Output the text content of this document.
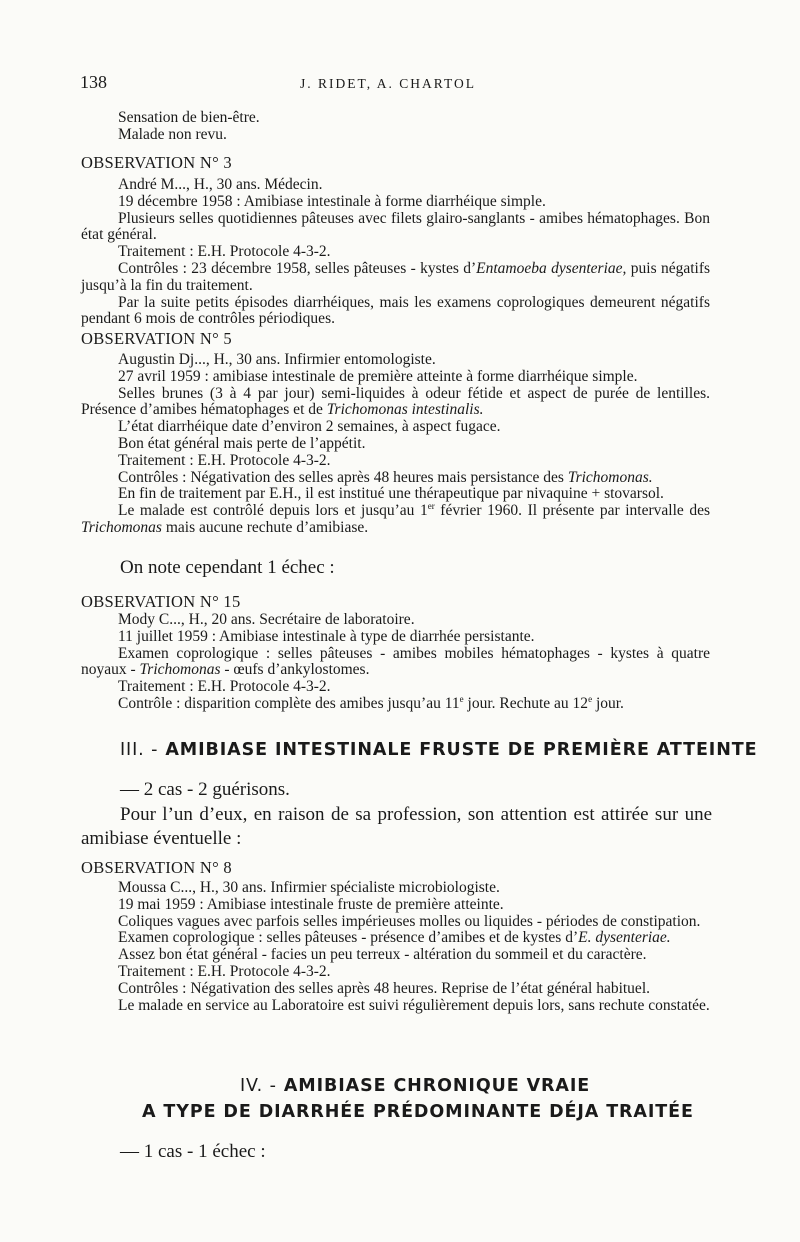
138	J. RIDET, A. CHARTOL

Sensation de bien-être.

Malade non revu.

OBSERVATION N° 3

André M..., H., 30 ans. Médecin.

19 décembre 1958 : Amibiase intestinale à forme diarrhéique simple.

Plusieurs selles quotidiennes pâteuses avec filets glairo-sanglants - amibes hématophages. Bon état général.

Traitement : E.H. Protocole 4-3-2.

Contrôles : 23 décembre 1958, selles pâteuses - kystes d’Entamoeba dysenteriae, puis négatifs jusqu’à la fin du traitement.

Par la suite petits épisodes diarrhéiques, mais les examens coprologiques demeurent négatifs pendant 6 mois de contrôles périodiques.

OBSERVATION N° 5

Augustin Dj..., H., 30 ans. Infirmier entomologiste.

27 avril 1959 : amibiase intestinale de première atteinte à forme diarrhéique simple.

Selles brunes (3 à 4 par jour) semi-liquides à odeur fétide et aspect de purée de lentilles. Présence d’amibes hématophages et de Trichomonas intestinalis.

L’état diarrhéique date d’environ 2 semaines, à aspect fugace.

Bon état général mais perte de l’appétit.

Traitement : E.H. Protocole 4-3-2.

Contrôles : Négativation des selles après 48 heures mais persistance des Trichomonas.

En fin de traitement par E.H., il est institué une thérapeutique par nivaquine + stovarsol.

Le malade est contrôlé depuis lors et jusqu’au 1er février 1960. Il présente par intervalle des Trichomonas mais aucune rechute d’amibiase.

On note cependant 1 échec :
OBSERVATION N° 15

Mody C..., H., 20 ans. Secrétaire de laboratoire.

11 juillet 1959 : Amibiase intestinale à type de diarrhée persistante.

Examen coprologique : selles pâteuses - amibes mobiles hématophages - kystes à quatre noyaux - Trichomonas - œufs d’ankylostomes.

Traitement : E.H. Protocole 4-3-2.

Contrôle : disparition complète des amibes jusqu’au 11e jour. Rechute au 12e jour.

III. - AMIBIASE INTESTINALE FRUSTE DE PREMIÈRE ATTEINTE
— 2 cas - 2 guérisons.

Pour l’un d’eux, en raison de sa profession, son attention est attirée sur une amibiase éventuelle :

OBSERVATION N° 8

Moussa C..., H., 30 ans. Infirmier spécialiste microbiologiste.

19 mai 1959 : Amibiase intestinale fruste de première atteinte.

Coliques vagues avec parfois selles impérieuses molles ou liquides - périodes de constipation.

Examen coprologique : selles pâteuses - présence d’amibes et de kystes d’E. dysenteriae.

Assez bon état général - facies un peu terreux - altération du sommeil et du caractère.

Traitement : E.H. Protocole 4-3-2.

Contrôles : Négativation des selles après 48 heures. Reprise de l’état général habituel.

Le malade en service au Laboratoire est suivi régulièrement depuis lors, sans rechute constatée.

IV. - AMIBIASE CHRONIQUE VRAIE
A TYPE DE DIARRHÉE PRÉDOMINANTE DÉJA TRAITÉE
— 1 cas - 1 échec :
